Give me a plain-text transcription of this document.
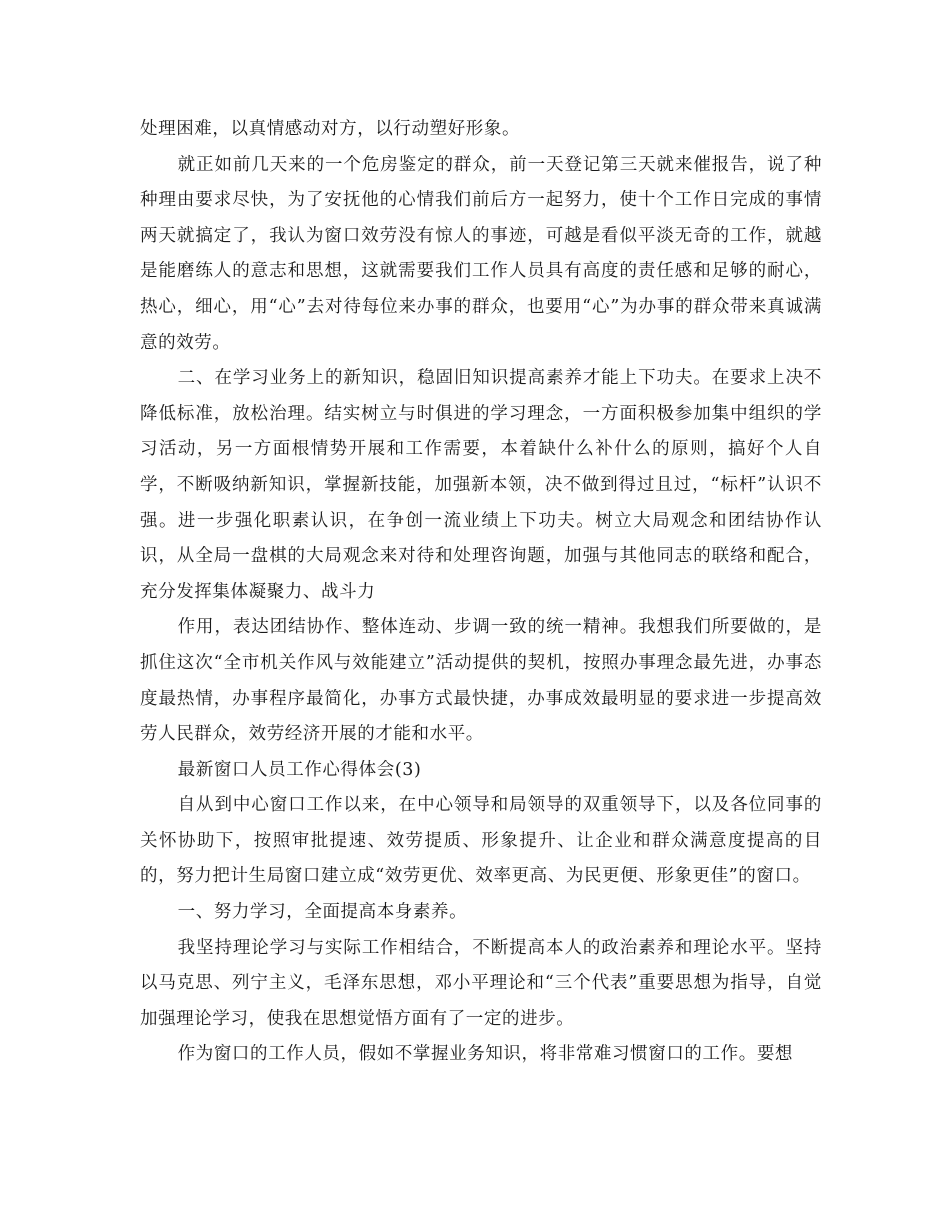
处理困难，以真情感动对方，以行动塑好形象。

就正如前几天来的一个危房鉴定的群众，前一天登记第三天就来催报告，说了种种理由要求尽快，为了安抚他的心情我们前后方一起努力，使十个工作日完成的事情两天就搞定了，我认为窗口效劳没有惊人的事迹，可越是看似平淡无奇的工作，就越是能磨练人的意志和思想，这就需要我们工作人员具有高度的责任感和足够的耐心，热心，细心，用“心”去对待每位来办事的群众，也要用“心”为办事的群众带来真诚满意的效劳。

二、在学习业务上的新知识，稳固旧知识提高素养才能上下功夫。在要求上决不降低标准，放松治理。结实树立与时俱进的学习理念，一方面积极参加集中组织的学习活动，另一方面根情势开展和工作需要，本着缺什么补什么的原则，搞好个人自学，不断吸纳新知识，掌握新技能，加强新本领，决不做到得过且过，“标杆”认识不强。进一步强化职素认识，在争创一流业绩上下功夫。树立大局观念和团结协作认识，从全局一盘棋的大局观念来对待和处理咨询题，加强与其他同志的联络和配合，充分发挥集体凝聚力、战斗力

作用，表达团结协作、整体连动、步调一致的统一精神。我想我们所要做的，是抓住这次“全市机关作风与效能建立”活动提供的契机，按照办事理念最先进，办事态度最热情，办事程序最简化，办事方式最快捷，办事成效最明显的要求进一步提高效劳人民群众，效劳经济开展的才能和水平。

最新窗口人员工作心得体会(3)

自从到中心窗口工作以来，在中心领导和局领导的双重领导下，以及各位同事的关怀协助下，按照审批提速、效劳提质、形象提升、让企业和群众满意度提高的目的，努力把计生局窗口建立成“效劳更优、效率更高、为民更便、形象更佳”的窗口。

一、努力学习，全面提高本身素养。

我坚持理论学习与实际工作相结合，不断提高本人的政治素养和理论水平。坚持以马克思、列宁主义，毛泽东思想，邓小平理论和“三个代表”重要思想为指导，自觉加强理论学习，使我在思想觉悟方面有了一定的进步。

作为窗口的工作人员，假如不掌握业务知识，将非常难习惯窗口的工作。要想
